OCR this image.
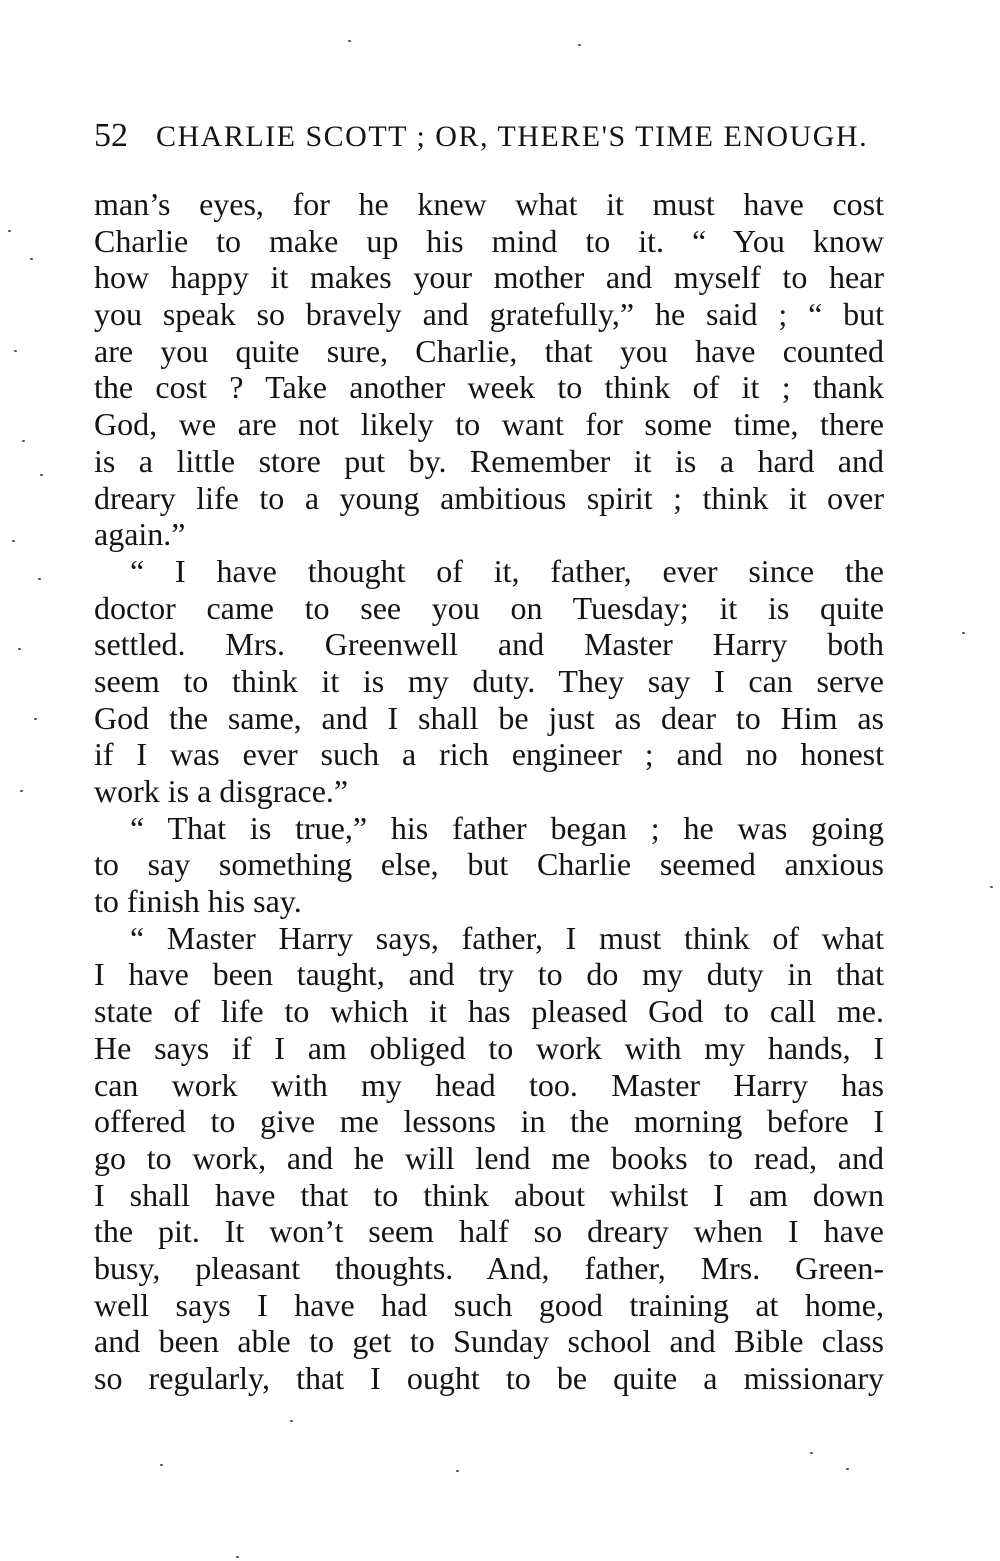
52 CHARLIE SCOTT ; OR, THERE'S TIME ENOUGH.
man’s eyes, for he knew what it must have cost
Charlie to make up his mind to it. “ You know
how happy it makes your mother and myself to hear
you speak so bravely and gratefully,” he said ; “ but
are you quite sure, Charlie, that you have counted
the cost ? Take another week to think of it ; thank
God, we are not likely to want for some time, there
is a little store put by. Remember it is a hard and
dreary life to a young ambitious spirit ; think it over
again.”
“ I have thought of it, father, ever since the
doctor came to see you on Tuesday; it is quite
settled. Mrs. Greenwell and Master Harry both
seem to think it is my duty. They say I can serve
God the same, and I shall be just as dear to Him as
if I was ever such a rich engineer ; and no honest
work is a disgrace.”
“ That is true,” his father began ; he was going
to say something else, but Charlie seemed anxious
to finish his say.
“ Master Harry says, father, I must think of what
I have been taught, and try to do my duty in that
state of life to which it has pleased God to call me.
He says if I am obliged to work with my hands, I
can work with my head too. Master Harry has
offered to give me lessons in the morning before I
go to work, and he will lend me books to read, and
I shall have that to think about whilst I am down
the pit. It won’t seem half so dreary when I have
busy, pleasant thoughts. And, father, Mrs. Green-
well says I have had such good training at home,
and been able to get to Sunday school and Bible class
so regularly, that I ought to be quite a missionary
